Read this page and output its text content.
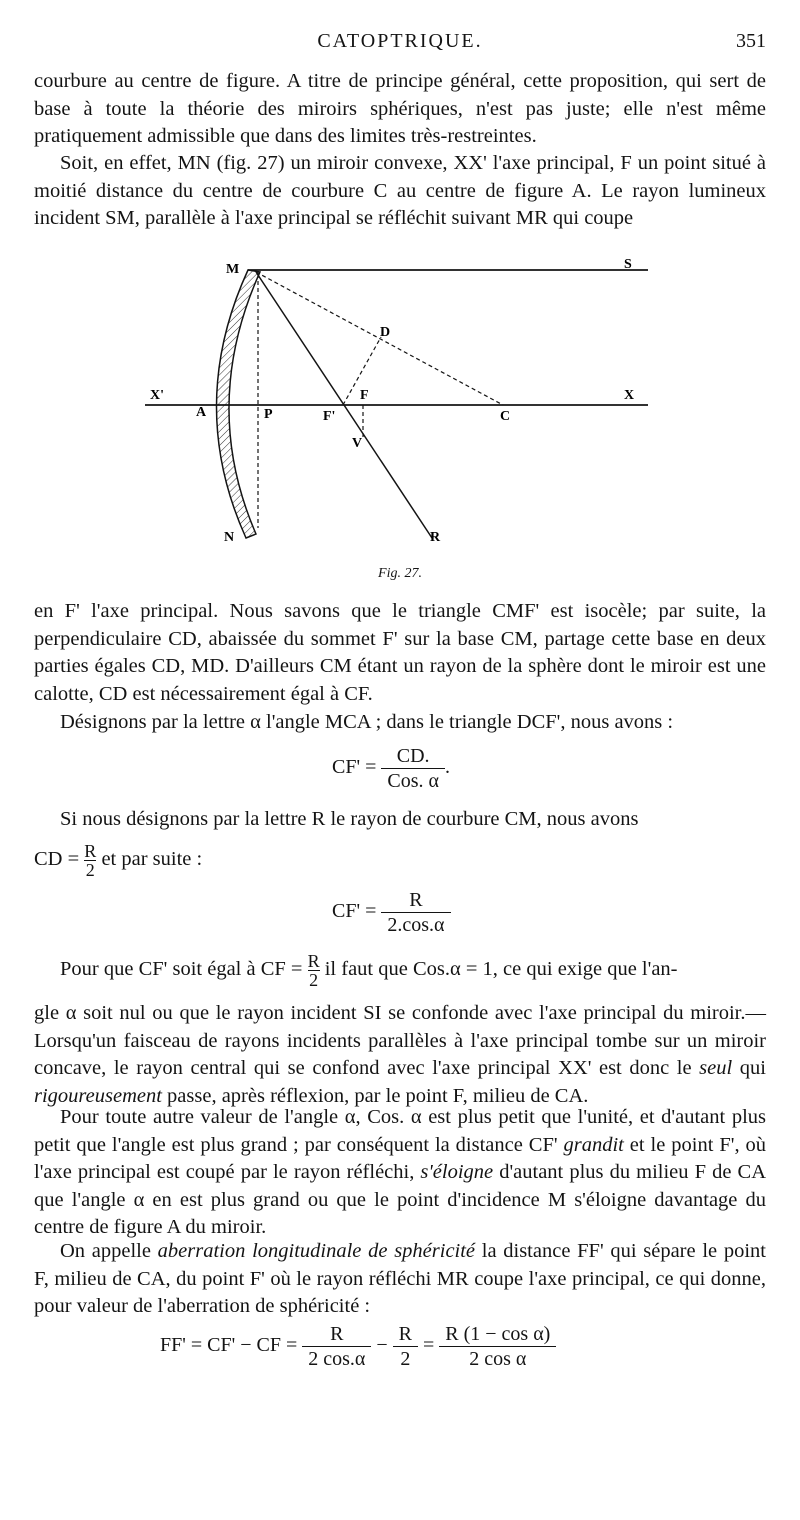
CATOPTRIQUE.	351

courbure au centre de figure. A titre de principe général, cette proposition, qui sert de base à toute la théorie des miroirs sphériques, n'est pas juste; elle n'est même pratiquement admissible que dans des limites très-restreintes.

Soit, en effet, MN (fig. 27) un miroir convexe, XX' l'axe principal, F un point situé à moitié distance du centre de courbure C au centre de figure A. Le rayon lumineux incident SM, parallèle à l'axe principal se réfléchit suivant MR qui coupe

M	S
D
X'	F	X
A	P	F'	C
V
N	R
Fig. 27.

en F' l'axe principal. Nous savons que le triangle CMF' est isocèle; par suite, la perpendiculaire CD, abaissée du sommet F' sur la base CM, partage cette base en deux parties égales CD, MD. D'ailleurs CM étant un rayon de la sphère dont le miroir est une calotte, CD est nécessairement égal à CF.

Désignons par la lettre α l'angle MCA ; dans le triangle DCF', nous avons :

$CF' = \frac{CD.}{\text{Cos. α}}$ .

Si nous désignons par la lettre R le rayon de courbure CM, nous avons

CD = $\frac{R}{2}$ et par suite :
$CF' = \frac{R}{2.\cos.\alpha}$
Pour que CF' soit égal à CF = $\frac{R}{2}$ il faut que Cos.α = 1, ce qui exige que l'an-

gle α soit nul ou que le rayon incident SI se confonde avec l'axe principal du miroir.— Lorsqu'un faisceau de rayons incidents parallèles à l'axe principal tombe sur un miroir concave, le rayon central qui se confond avec l'axe principal XX' est donc le seul qui rigoureusement passe, après réflexion, par le point F, milieu de CA.

Pour toute autre valeur de l'angle α, Cos. α est plus petit que l'unité, et d'autant plus petit que l'angle est plus grand ; par conséquent la distance CF' grandit et le point F', où l'axe principal est coupé par le rayon réfléchi, s'éloigne d'autant plus du milieu F de CA que l'angle α en est plus grand ou que le point d'incidence M s'éloigne davantage du centre de figure A du miroir.

On appelle aberration longitudinale de sphéricité la distance FF' qui sépare le point F, milieu de CA, du point F' où le rayon réfléchi MR coupe l'axe principal, ce qui donne, pour valeur de l'aberration de sphéricité :

FF' = CF' − CF = $\frac{R}{2 \cos.\alpha} - \frac{R}{2} = \frac{\text{R (1 − cos α)}}{\text{2 cos α}}$
